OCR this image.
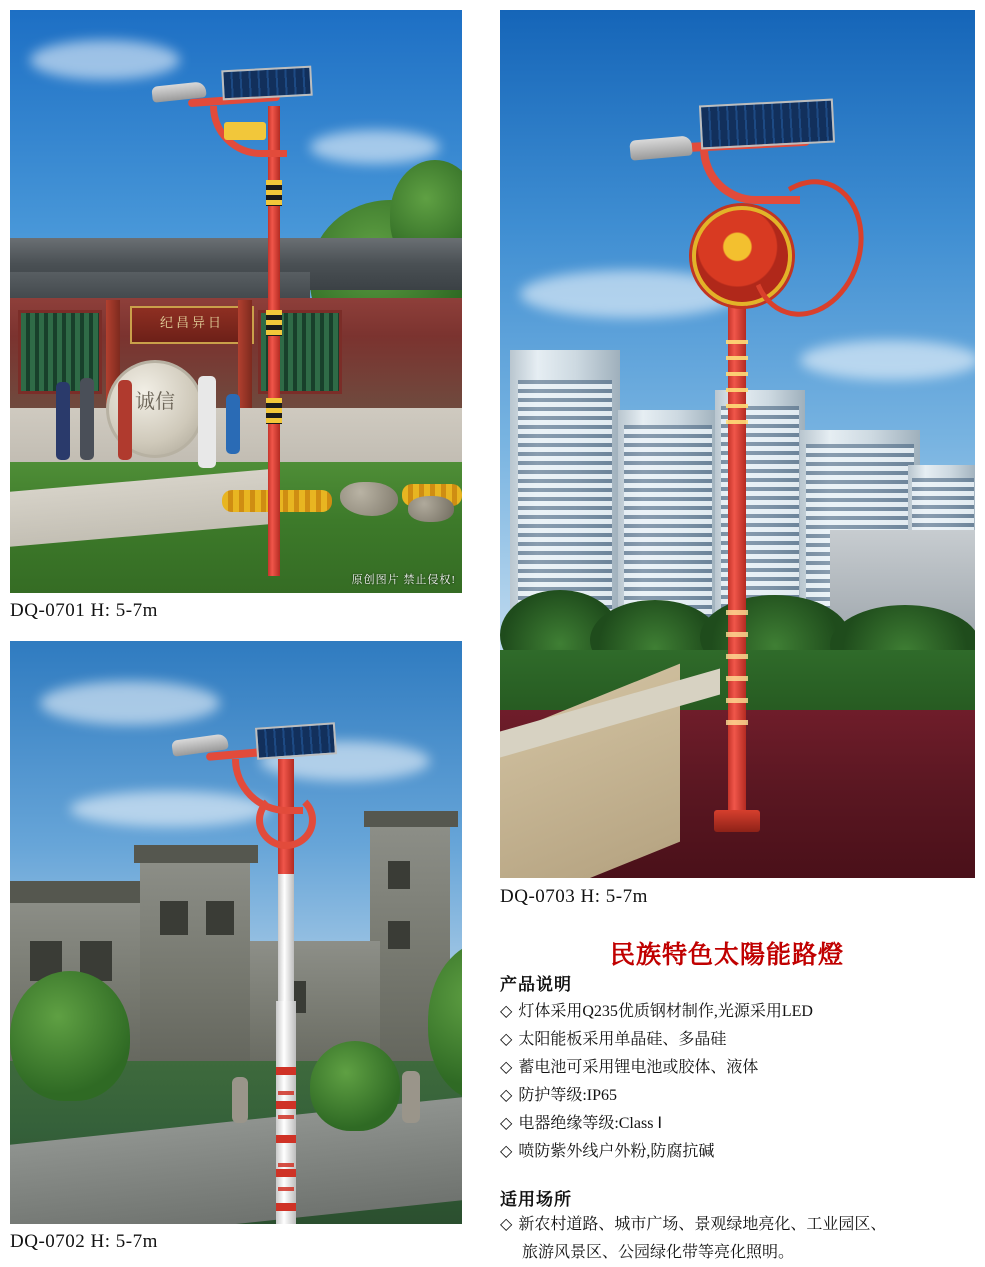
纪昌异日
诚信
原创图片 禁止侵权!
DQ-0701 H: 5-7m
DQ-0702 H: 5-7m
DQ-0703 H: 5-7m
民族特色太陽能路燈
产品说明
◇ 灯体采用Q235优质钢材制作,光源采用LED
◇ 太阳能板采用单晶硅、多晶硅
◇ 蓄电池可采用锂电池或胶体、液体
◇ 防护等级:IP65
◇ 电器绝缘等级:Class Ⅰ
◇ 喷防紫外线户外粉,防腐抗碱
适用场所
◇ 新农村道路、城市广场、景观绿地亮化、工业园区、
旅游风景区、公园绿化带等亮化照明。
